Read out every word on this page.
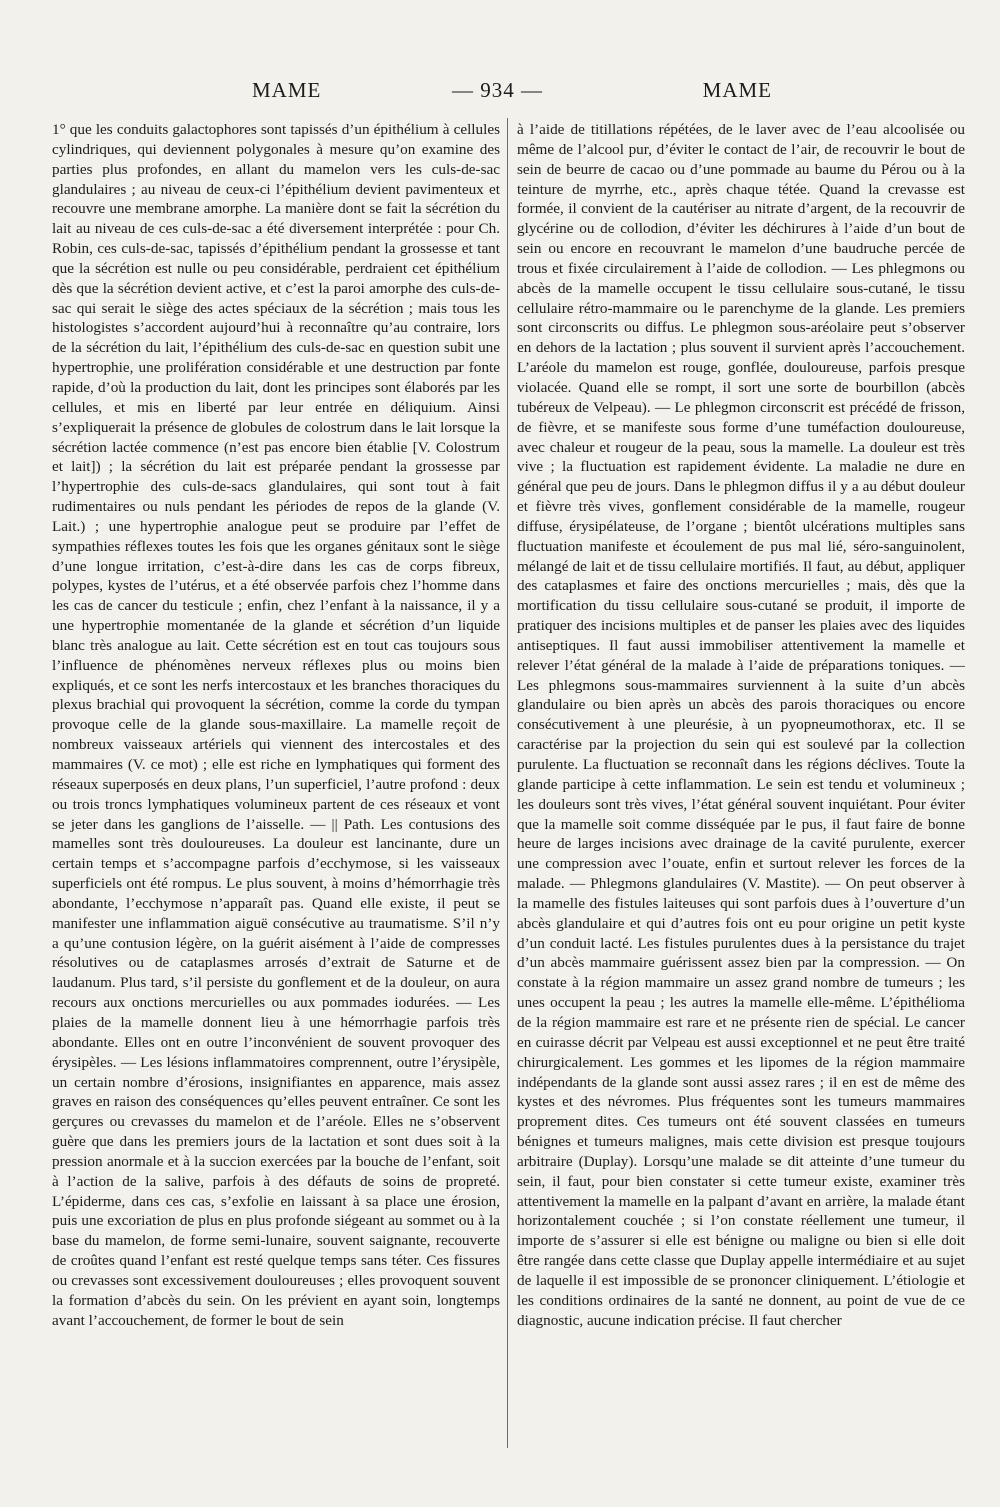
MAME	— 934 —	MAME

1° que les conduits galactophores sont tapissés d’un épithélium à cellules cylindriques, qui deviennent polygonales à mesure qu’on examine des parties plus profondes, en allant du mamelon vers les culs-de-sac glandulaires ; au niveau de ceux-ci l’épithélium devient pavimenteux et recouvre une membrane amorphe. La manière dont se fait la sécrétion du lait au niveau de ces culs-de-sac a été diversement interprétée : pour Ch. Robin, ces culs-de-sac, tapissés d’épithélium pendant la grossesse et tant que la sécrétion est nulle ou peu considérable, perdraient cet épithélium dès que la sécrétion devient active, et c’est la paroi amorphe des culs-de-sac qui serait le siège des actes spéciaux de la sécrétion ; mais tous les histologistes s’accordent aujourd’hui à reconnaître qu’au contraire, lors de la sécrétion du lait, l’épithélium des culs-de-sac en question subit une hypertrophie, une prolifération considérable et une destruction par fonte rapide, d’où la production du lait, dont les principes sont élaborés par les cellules, et mis en liberté par leur entrée en déliquium. Ainsi s’expliquerait la présence de globules de colostrum dans le lait lorsque la sécrétion lactée commence (n’est pas encore bien établie [V. Colostrum et lait]) ; la sécrétion du lait est préparée pendant la grossesse par l’hypertrophie des culs-de-sacs glandulaires, qui sont tout à fait rudimentaires ou nuls pendant les périodes de repos de la glande (V. Lait.) ; une hypertrophie analogue peut se produire par l’effet de sympathies réflexes toutes les fois que les organes génitaux sont le siège d’une longue irritation, c’est-à-dire dans les cas de corps fibreux, polypes, kystes de l’utérus, et a été observée parfois chez l’homme dans les cas de cancer du testicule ; enfin, chez l’enfant à la naissance, il y a une hypertrophie momentanée de la glande et sécrétion d’un liquide blanc très analogue au lait. Cette sécrétion est en tout cas toujours sous l’influence de phénomènes nerveux réflexes plus ou moins bien expliqués, et ce sont les nerfs intercostaux et les branches thoraciques du plexus brachial qui provoquent la sécrétion, comme la corde du tympan provoque celle de la glande sous-maxillaire. La mamelle reçoit de nombreux vaisseaux artériels qui viennent des intercostales et des mammaires (V. ce mot) ; elle est riche en lymphatiques qui forment des réseaux superposés en deux plans, l’un superficiel, l’autre profond : deux ou trois troncs lymphatiques volumineux partent de ces réseaux et vont se jeter dans les ganglions de l’aisselle. — || Path. Les contusions des mamelles sont très douloureuses. La douleur est lancinante, dure un certain temps et s’accompagne parfois d’ecchymose, si les vaisseaux superficiels ont été rompus. Le plus souvent, à moins d’hémorrhagie très abondante, l’ecchymose n’apparaît pas. Quand elle existe, il peut se manifester une inflammation aiguë consécutive au traumatisme. S’il n’y a qu’une contusion légère, on la guérit aisément à l’aide de compresses résolutives ou de cataplasmes arrosés d’extrait de Saturne et de laudanum. Plus tard, s’il persiste du gonflement et de la douleur, on aura recours aux onctions mercurielles ou aux pommades iodurées. — Les plaies de la mamelle donnent lieu à une hémorrhagie parfois très abondante. Elles ont en outre l’inconvénient de souvent provoquer des érysipèles. — Les lésions inflammatoires comprennent, outre l’érysipèle, un certain nombre d’érosions, insignifiantes en apparence, mais assez graves en raison des conséquences qu’elles peuvent entraîner. Ce sont les gerçures ou crevasses du mamelon et de l’aréole. Elles ne s’observent guère que dans les premiers jours de la lactation et sont dues soit à la pression anormale et à la succion exercées par la bouche de l’enfant, soit à l’action de la salive, parfois à des défauts de soins de propreté. L’épiderme, dans ces cas, s’exfolie en laissant à sa place une érosion, puis une excoriation de plus en plus profonde siégeant au sommet ou à la base du mamelon, de forme semi-lunaire, souvent saignante, recouverte de croûtes quand l’enfant est resté quelque temps sans téter. Ces fissures ou crevasses sont excessivement douloureuses ; elles provoquent souvent la formation d’abcès du sein. On les prévient en ayant soin, longtemps avant l’accouchement, de former le bout de sein

à l’aide de titillations répétées, de le laver avec de l’eau alcoolisée ou même de l’alcool pur, d’éviter le contact de l’air, de recouvrir le bout de sein de beurre de cacao ou d’une pommade au baume du Pérou ou à la teinture de myrrhe, etc., après chaque tétée. Quand la crevasse est formée, il convient de la cautériser au nitrate d’argent, de la recouvrir de glycérine ou de collodion, d’éviter les déchirures à l’aide d’un bout de sein ou encore en recouvrant le mamelon d’une baudruche percée de trous et fixée circulairement à l’aide de collodion. — Les phlegmons ou abcès de la mamelle occupent le tissu cellulaire sous-cutané, le tissu cellulaire rétro-mammaire ou le parenchyme de la glande. Les premiers sont circonscrits ou diffus. Le phlegmon sous-aréolaire peut s’observer en dehors de la lactation ; plus souvent il survient après l’accouchement. L’aréole du mamelon est rouge, gonflée, douloureuse, parfois presque violacée. Quand elle se rompt, il sort une sorte de bourbillon (abcès tubéreux de Velpeau). — Le phlegmon circonscrit est précédé de frisson, de fièvre, et se manifeste sous forme d’une tuméfaction douloureuse, avec chaleur et rougeur de la peau, sous la mamelle. La douleur est très vive ; la fluctuation est rapidement évidente. La maladie ne dure en général que peu de jours. Dans le phlegmon diffus il y a au début douleur et fièvre très vives, gonflement considérable de la mamelle, rougeur diffuse, érysipélateuse, de l’organe ; bientôt ulcérations multiples sans fluctuation manifeste et écoulement de pus mal lié, séro-sanguinolent, mélangé de lait et de tissu cellulaire mortifiés. Il faut, au début, appliquer des cataplasmes et faire des onctions mercurielles ; mais, dès que la mortification du tissu cellulaire sous-cutané se produit, il importe de pratiquer des incisions multiples et de panser les plaies avec des liquides antiseptiques. Il faut aussi immobiliser attentivement la mamelle et relever l’état général de la malade à l’aide de préparations toniques. — Les phlegmons sous-mammaires surviennent à la suite d’un abcès glandulaire ou bien après un abcès des parois thoraciques ou encore consécutivement à une pleurésie, à un pyopneumothorax, etc. Il se caractérise par la projection du sein qui est soulevé par la collection purulente. La fluctuation se reconnaît dans les régions déclives. Toute la glande participe à cette inflammation. Le sein est tendu et volumineux ; les douleurs sont très vives, l’état général souvent inquiétant. Pour éviter que la mamelle soit comme disséquée par le pus, il faut faire de bonne heure de larges incisions avec drainage de la cavité purulente, exercer une compression avec l’ouate, enfin et surtout relever les forces de la malade. — Phlegmons glandulaires (V. Mastite). — On peut observer à la mamelle des fistules laiteuses qui sont parfois dues à l’ouverture d’un abcès glandulaire et qui d’autres fois ont eu pour origine un petit kyste d’un conduit lacté. Les fistules purulentes dues à la persistance du trajet d’un abcès mammaire guérissent assez bien par la compression. — On constate à la région mammaire un assez grand nombre de tumeurs ; les unes occupent la peau ; les autres la mamelle elle-même. L’épithélioma de la région mammaire est rare et ne présente rien de spécial. Le cancer en cuirasse décrit par Velpeau est aussi exceptionnel et ne peut être traité chirurgicalement. Les gommes et les lipomes de la région mammaire indépendants de la glande sont aussi assez rares ; il en est de même des kystes et des névromes. Plus fréquentes sont les tumeurs mammaires proprement dites. Ces tumeurs ont été souvent classées en tumeurs bénignes et tumeurs malignes, mais cette division est presque toujours arbitraire (Duplay). Lorsqu’une malade se dit atteinte d’une tumeur du sein, il faut, pour bien constater si cette tumeur existe, examiner très attentivement la mamelle en la palpant d’avant en arrière, la malade étant horizontalement couchée ; si l’on constate réellement une tumeur, il importe de s’assurer si elle est bénigne ou maligne ou bien si elle doit être rangée dans cette classe que Duplay appelle intermédiaire et au sujet de laquelle il est impossible de se prononcer cliniquement. L’étiologie et les conditions ordinaires de la santé ne donnent, au point de vue de ce diagnostic, aucune indication précise. Il faut chercher
